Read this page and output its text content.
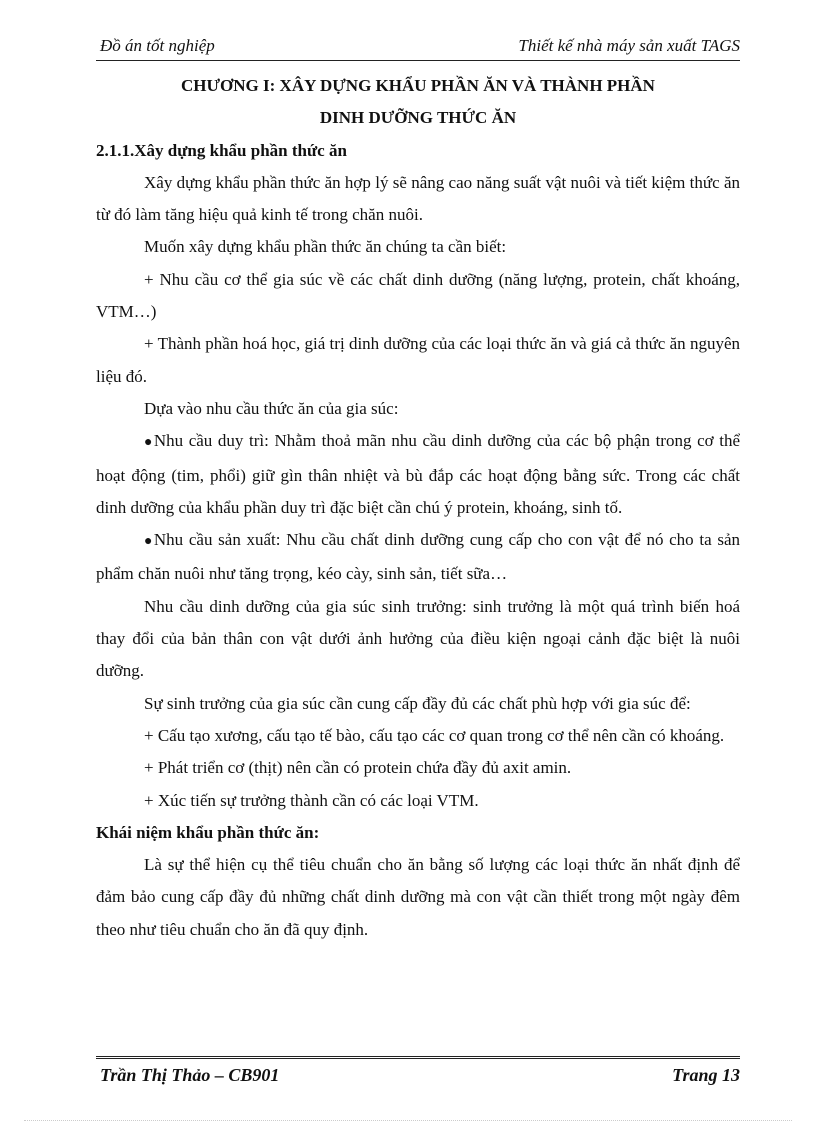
Đồ án tốt nghiệp	Thiết kế nhà máy sản xuất TAGS
CHƯƠNG I: XÂY DỰNG KHẨU PHẦN ĂN VÀ THÀNH PHẦN
DINH DƯỠNG THỨC ĂN
2.1.1.Xây dựng khẩu phần thức ăn

Xây dựng khẩu phần thức ăn hợp lý sẽ nâng cao năng suất vật nuôi và tiết kiệm thức ăn từ đó làm tăng hiệu quả kinh tế trong chăn nuôi.

Muốn xây dựng khẩu phần thức ăn chúng ta cần biết:

+ Nhu cầu cơ thể gia súc về các chất dinh dưỡng (năng lượng, protein, chất khoáng, VTM…)

+ Thành phần hoá học, giá trị dinh dưỡng của các loại thức ăn và giá cả thức ăn nguyên liệu đó.

Dựa vào nhu cầu thức ăn của gia súc:

●Nhu cầu duy trì: Nhằm thoả mãn nhu cầu dinh dưỡng của các bộ phận trong cơ thể hoạt động (tim, phổi) giữ gìn thân nhiệt và bù đắp các hoạt động bằng sức. Trong các chất dinh dưỡng của khẩu phần duy trì đặc biệt cần chú ý protein, khoáng, sinh tố.

●Nhu cầu sản xuất: Nhu cầu chất dinh dưỡng cung cấp cho con vật để nó cho ta sản phẩm chăn nuôi như tăng trọng, kéo cày, sinh sản, tiết sữa…

Nhu cầu dinh dưỡng của gia súc sinh trưởng: sinh trưởng là một quá trình biến hoá thay đổi của bản thân con vật dưới ảnh hưởng của điều kiện ngoại cảnh đặc biệt là nuôi dưỡng.

Sự sinh trưởng của gia súc cần cung cấp đầy đủ các chất phù hợp với gia súc để:

+ Cấu tạo xương, cấu tạo tế bào, cấu tạo các cơ quan trong cơ thể nên cần có khoáng.

+ Phát triển cơ (thịt) nên cần có protein chứa đầy đủ axit amin.

+ Xúc tiến sự trưởng thành cần có các loại VTM.

Khái niệm khẩu phần thức ăn:

Là sự thể hiện cụ thể tiêu chuẩn cho ăn bằng số lượng các loại thức ăn nhất định để đảm bảo cung cấp đầy đủ những chất dinh dưỡng mà con vật cần thiết trong một ngày đêm theo như tiêu chuẩn cho ăn đã quy định.

Trần Thị Thảo – CB901	Trang 13
